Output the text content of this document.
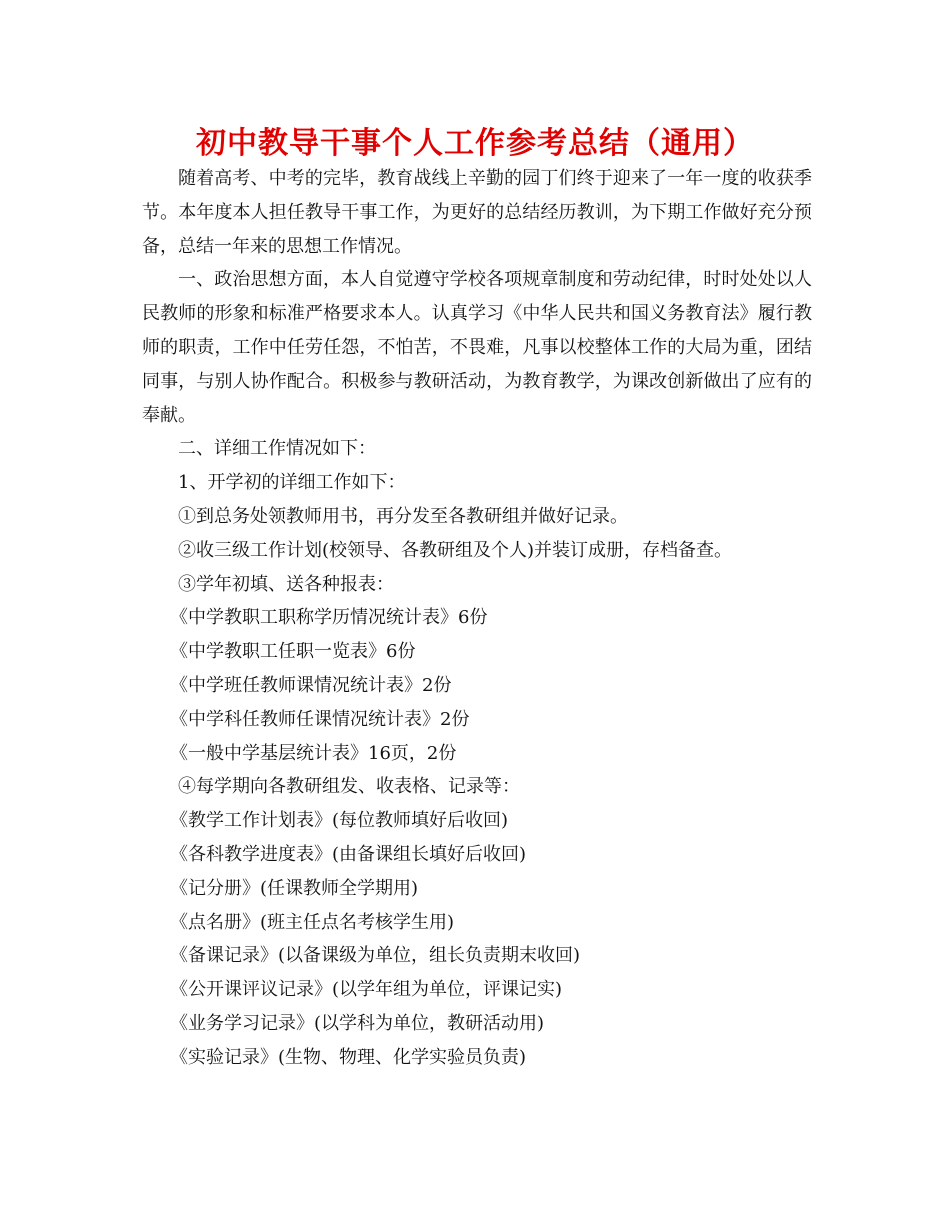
初中教导干事个人工作参考总结（通用）

随着高考、中考的完毕，教育战线上辛勤的园丁们终于迎来了一年一度的收获季节。本年度本人担任教导干事工作，为更好的总结经历教训，为下期工作做好充分预备，总结一年来的思想工作情况。

一、政治思想方面，本人自觉遵守学校各项规章制度和劳动纪律，时时处处以人民教师的形象和标准严格要求本人。认真学习《中华人民共和国义务教育法》履行教师的职责，工作中任劳任怨，不怕苦，不畏难，凡事以校整体工作的大局为重，团结同事，与别人协作配合。积极参与教研活动，为教育教学，为课改创新做出了应有的奉献。

二、详细工作情况如下：

1、开学初的详细工作如下：

①到总务处领教师用书，再分发至各教研组并做好记录。

②收三级工作计划(校领导、各教研组及个人)并装订成册，存档备查。

③学年初填、送各种报表：

《中学教职工职称学历情况统计表》6份

《中学教职工任职一览表》6份

《中学班任教师课情况统计表》2份

《中学科任教师任课情况统计表》2份

《一般中学基层统计表》16页，2份

④每学期向各教研组发、收表格、记录等：

《教学工作计划表》(每位教师填好后收回)

《各科教学进度表》(由备课组长填好后收回)

《记分册》(任课教师全学期用)

《点名册》(班主任点名考核学生用)

《备课记录》(以备课级为单位，组长负责期末收回)

《公开课评议记录》(以学年组为单位，评课记实)

《业务学习记录》(以学科为单位，教研活动用)

《实验记录》(生物、物理、化学实验员负责)
